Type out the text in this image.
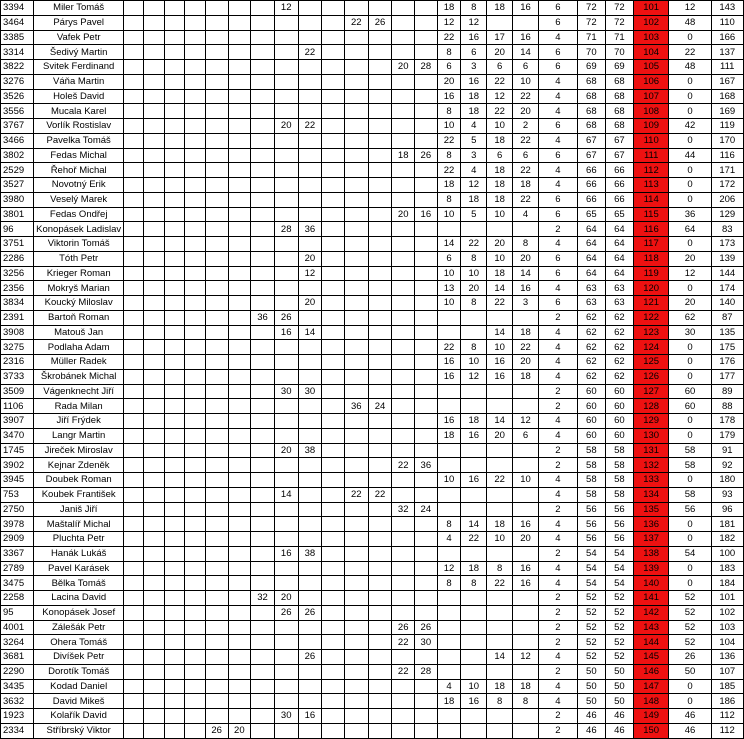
3394	Miler Tomáš								12							18	8	18	16	6	72	72	101	12	143
3464	Párys Pavel											22	26			12	12			6	72	72	102	48	110
3385	Vafek Petr															22	16	17	16	4	71	71	103	0	166
3314	Šedivý Martin									22						8	6	20	14	6	70	70	104	22	137
3822	Svitek Ferdinand													20	28	6	3	6	6	6	69	69	105	48	111
3276	Váňa Martin															20	16	22	10	4	68	68	106	0	167
3526	Holeš David															16	18	12	22	4	68	68	107	0	168
3556	Mucala Karel															8	18	22	20	4	68	68	108	0	169
3767	Vorlík Rostislav								20	22						10	4	10	2	6	68	68	109	42	119
3466	Pavelka Tomáš															22	5	18	22	4	67	67	110	0	170
3802	Fedas Michal													18	26	8	3	6	6	6	67	67	111	44	116
2529	Řehoř Michal															22	4	18	22	4	66	66	112	0	171
3527	Novotný Erik															18	12	18	18	4	66	66	113	0	172
3980	Veselý Marek															8	18	18	22	6	66	66	114	0	206
3801	Fedas Ondřej													20	16	10	5	10	4	6	65	65	115	36	129
96	Konopásek Ladislav								28	36										2	64	64	116	64	83
3751	Viktorin Tomáš															14	22	20	8	4	64	64	117	0	173
2286	Tóth Petr									20						6	8	10	20	6	64	64	118	20	139
3256	Krieger Roman									12						10	10	18	14	6	64	64	119	12	144
2356	Mokryš Marian															13	20	14	16	4	63	63	120	0	174
3834	Koucký Miloslav									20						10	8	22	3	6	63	63	121	20	140
2391	Bartoň Roman							36	26											2	62	62	122	62	87
3908	Matouš Jan								16	14								14	18	4	62	62	123	30	135
3275	Podlaha Adam															22	8	10	22	4	62	62	124	0	175
2316	Müller Radek															16	10	16	20	4	62	62	125	0	176
3733	Škrobánek Michal															16	12	16	18	4	62	62	126	0	177
3509	Vágenknecht Jiří								30	30										2	60	60	127	60	89
1106	Rada Milan											36	24							2	60	60	128	60	88
3907	Jiří Frýdek															16	18	14	12	4	60	60	129	0	178
3470	Langr Martin															18	16	20	6	4	60	60	130	0	179
1745	Jireček Miroslav								20	38										2	58	58	131	58	91
3902	Kejnar Zdeněk													22	36					2	58	58	132	58	92
3945	Doubek Roman															10	16	22	10	4	58	58	133	0	180
753	Koubek František								14			22	22							4	58	58	134	58	93
2750	Janiš Jiří													32	24					2	56	56	135	56	96
3978	Maštalíř Michal															8	14	18	16	4	56	56	136	0	181
2909	Pluchta Petr															4	22	10	20	4	56	56	137	0	182
3367	Hanák Lukáš								16	38										2	54	54	138	54	100
2789	Pavel Karásek															12	18	8	16	4	54	54	139	0	183
3475	Bělka Tomáš															8	8	22	16	4	54	54	140	0	184
2258	Lacina David							32	20											2	52	52	141	52	101
95	Konopásek Josef								26	26										2	52	52	142	52	102
4001	Zálešák Petr													26	26					2	52	52	143	52	103
3264	Ohera Tomáš													22	30					2	52	52	144	52	104
3681	Divíšek Petr									26								14	12	4	52	52	145	26	136
2290	Dorotík Tomáš													22	28					2	50	50	146	50	107
3435	Kodad Daniel															4	10	18	18	4	50	50	147	0	185
3632	David Mikeš															18	16	8	8	4	50	50	148	0	186
1923	Kolařík David								30	16										2	46	46	149	46	112
2334	Stříbrský Viktor					26	20													2	46	46	150	46	112
